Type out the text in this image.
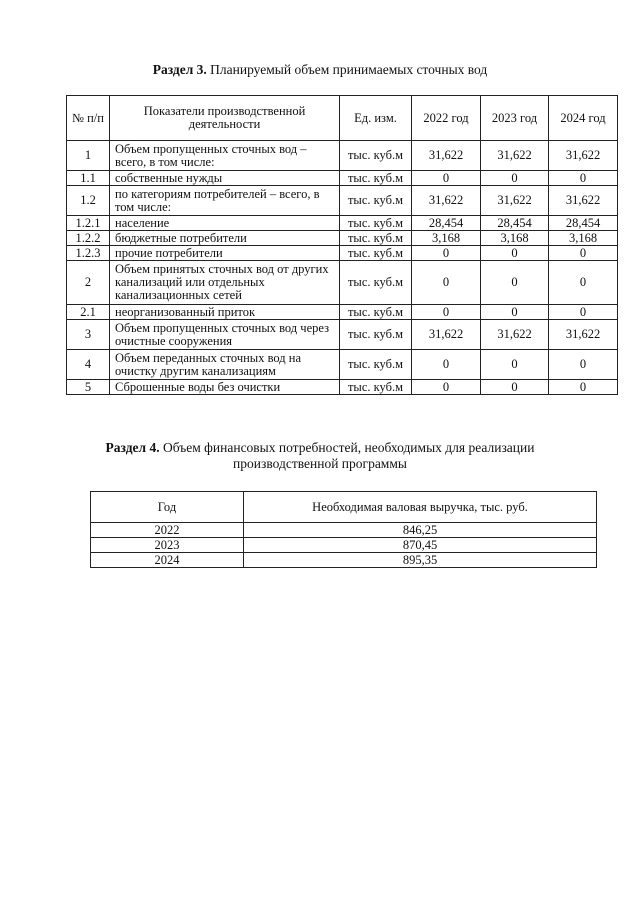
Раздел 3. Планируемый объем принимаемых сточных вод
№ п/п	Показатели производственной деятельности	Ед. изм.	2022 год	2023 год	2024 год
1	Объем пропущенных сточных вод – всего, в том числе:	тыс. куб.м	31,622	31,622	31,622
1.1	собственные нужды	тыс. куб.м	0	0	0
1.2	по категориям потребителей – всего, в том числе:	тыс. куб.м	31,622	31,622	31,622
1.2.1	население	тыс. куб.м	28,454	28,454	28,454
1.2.2	бюджетные потребители	тыс. куб.м	3,168	3,168	3,168
1.2.3	прочие потребители	тыс. куб.м	0	0	0
2	Объем принятых сточных вод от других канализаций или отдельных канализационных сетей	тыс. куб.м	0	0	0
2.1	неорганизованный приток	тыс. куб.м	0	0	0
3	Объем пропущенных сточных вод через очистные сооружения	тыс. куб.м	31,622	31,622	31,622
4	Объем переданных сточных вод на очистку другим канализациям	тыс. куб.м	0	0	0
5	Сброшенные воды без очистки	тыс. куб.м	0	0	0
Раздел 4. Объем финансовых потребностей, необходимых для реализации
производственной программы
Год	Необходимая валовая выручка, тыс. руб.
2022	846,25
2023	870,45
2024	895,35
